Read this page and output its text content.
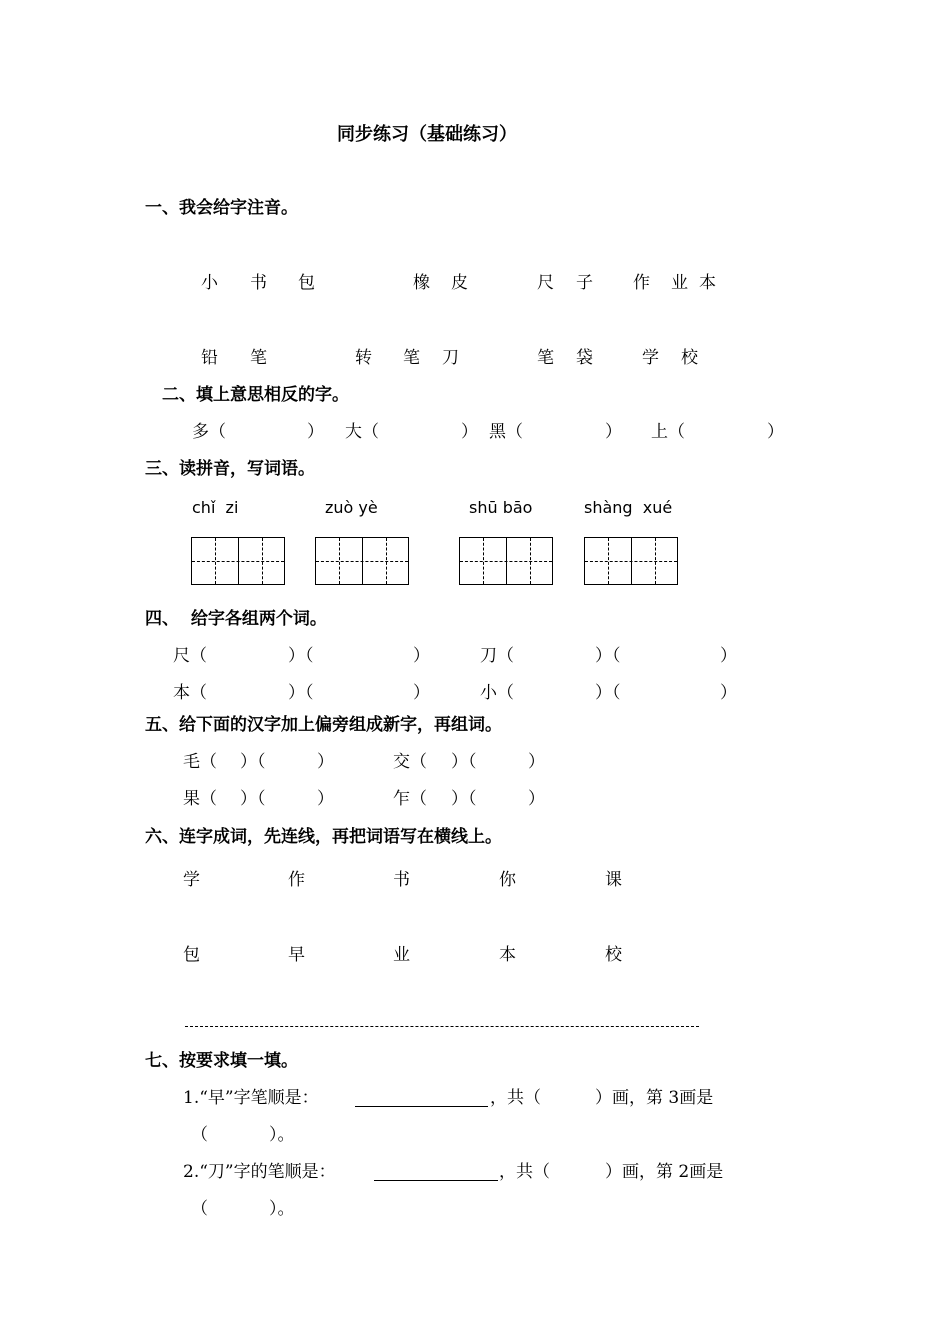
同步练习（基础练习）
一、我会给字注音。
小 书 包	橡 皮	尺 子 作 业 本
铅 笔	转 笔 刀	笔 袋	学 校
二、填上意思相反的字。
多（	） 大（	） 黑（	） 上（	）
三、读拼音，写词语。
chǐ  zi	zuò yè	shū bāo	shàng  xué
四、  给字各组两个词。
尺（	）（	）	刀（	）（	）
本（	）（	）	小（	）（	）
五、给下面的汉字加上偏旁组成新字，再组词。
毛（ ）（	）	交（ ）（	）
果（ ）（	）	乍（ ）（	）
六、连字成词，先连线，再把词语写在横线上。
学	作	书	你	课
包	早	业	本	校
七、按要求填一填。
1.“早”字笔顺是：	，共（	）画，第 3画是
（	）。
2.“刀”字的笔顺是：	，共（	）画，第 2画是
（	）。
